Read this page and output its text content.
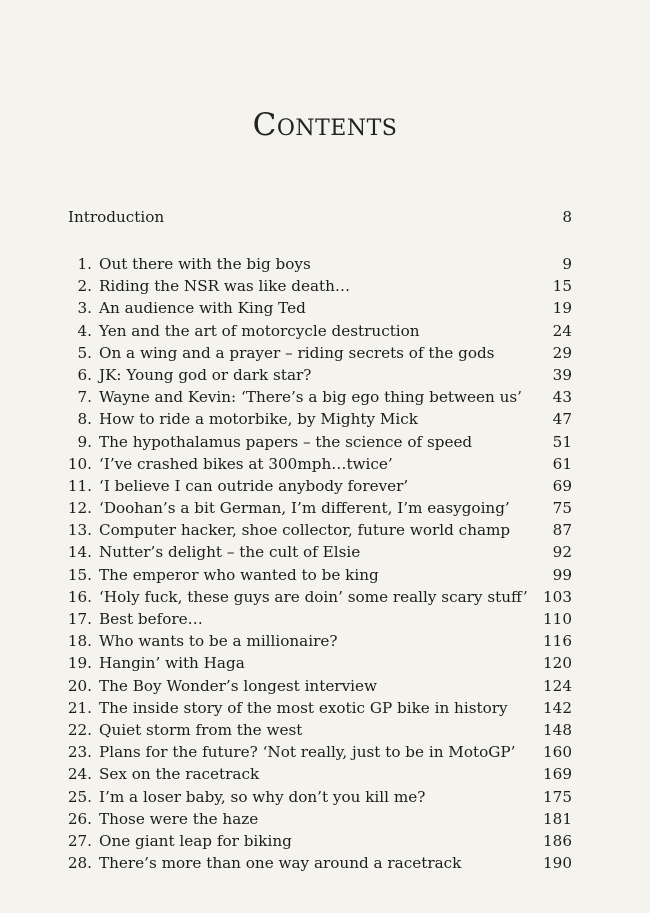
Contents
Introduction	8
1. Out there with the big boys	9
2. Riding the NSR was like death…	15
3. An audience with King Ted	19
4. Yen and the art of motorcycle destruction	24
5. On a wing and a prayer – riding secrets of the gods	29
6. JK: Young god or dark star?	39
7. Wayne and Kevin: ‘There’s a big ego thing between us’	43
8. How to ride a motorbike, by Mighty Mick	47
9. The hypothalamus papers – the science of speed	51
10. ‘I’ve crashed bikes at 300mph…twice’	61
11. ‘I believe I can outride anybody forever’	69
12. ‘Doohan’s a bit German, I’m different, I’m easygoing’	75
13. Computer hacker, shoe collector, future world champ	87
14. Nutter’s delight – the cult of Elsie	92
15. The emperor who wanted to be king	99
16. ‘Holy fuck, these guys are doin’ some really scary stuff’	103
17. Best before…	110
18. Who wants to be a millionaire?	116
19. Hangin’ with Haga	120
20. The Boy Wonder’s longest interview	124
21. The inside story of the most exotic GP bike in history	142
22. Quiet storm from the west	148
23. Plans for the future? ‘Not really, just to be in MotoGP’	160
24. Sex on the racetrack	169
25. I’m a loser baby, so why don’t you kill me?	175
26. Those were the haze	181
27. One giant leap for biking	186
28. There’s more than one way around a racetrack	190
